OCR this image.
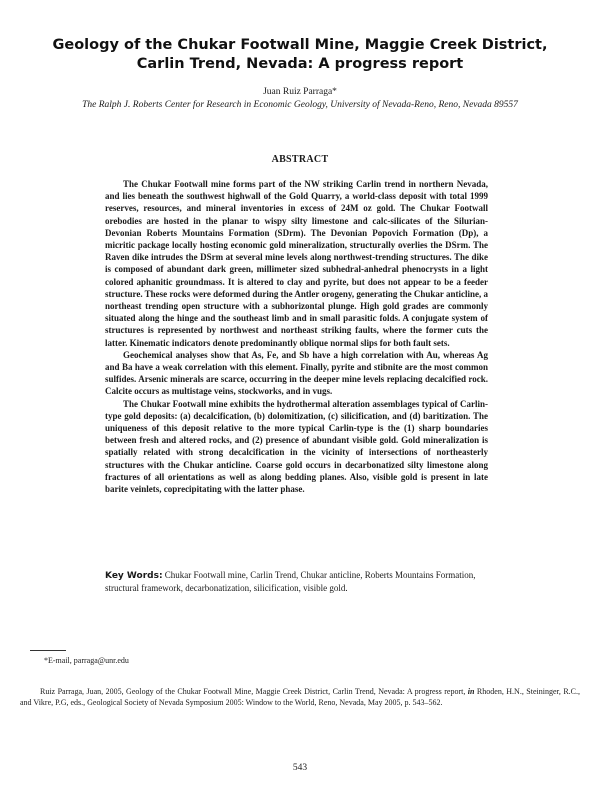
Geology of the Chukar Footwall Mine, Maggie Creek District,
Carlin Trend, Nevada: A progress report
Juan Ruiz Parraga*
The Ralph J. Roberts Center for Research in Economic Geology, University of Nevada-Reno, Reno, Nevada 89557
ABSTRACT

The Chukar Footwall mine forms part of the NW striking Carlin trend in northern Nevada, and lies beneath the southwest highwall of the Gold Quarry, a world-class deposit with total 1999 reserves, resources, and mineral inventories in excess of 24M oz gold. The Chukar Footwall orebodies are hosted in the planar to wispy silty limestone and calc-silicates of the Silurian-Devonian Roberts Mountains Formation (SDrm). The Devonian Popovich Formation (Dp), a micritic package locally hosting economic gold mineralization, structurally overlies the DSrm. The Raven dike intrudes the DSrm at several mine levels along northwest-trending structures. The dike is composed of abundant dark green, millimeter sized subhedral-anhedral phenocrysts in a light colored aphanitic groundmass. It is altered to clay and pyrite, but does not appear to be a feeder structure. These rocks were deformed during the Antler orogeny, generating the Chukar anticline, a northeast trending open structure with a subhorizontal plunge. High gold grades are commonly situated along the hinge and the southeast limb and in small parasitic folds. A conjugate system of structures is represented by northwest and northeast striking faults, where the former cuts the latter. Kinematic indicators denote predominantly oblique normal slips for both fault sets.

Geochemical analyses show that As, Fe, and Sb have a high correlation with Au, whereas Ag and Ba have a weak correlation with this element. Finally, pyrite and stibnite are the most common sulfides. Arsenic minerals are scarce, occurring in the deeper mine levels replacing decalcified rock. Calcite occurs as multistage veins, stockworks, and in vugs.

The Chukar Footwall mine exhibits the hydrothermal alteration assemblages typical of Carlin-type gold deposits: (a) decalcification, (b) dolomitization, (c) silicification, and (d) baritization. The uniqueness of this deposit relative to the more typical Carlin-type is the (1) sharp boundaries between fresh and altered rocks, and (2) presence of abundant visible gold. Gold mineralization is spatially related with strong decalcification in the vicinity of intersections of northeasterly structures with the Chukar anticline. Coarse gold occurs in decarbonatized silty limestone along fractures of all orientations as well as along bedding planes. Also, visible gold is present in late barite veinlets, coprecipitating with the latter phase.

Key Words: Chukar Footwall mine, Carlin Trend, Chukar anticline, Roberts Mountains Formation, structural framework, decarbonatization, silicification, visible gold.
*E-mail, parraga@unr.edu
Ruiz Parraga, Juan, 2005, Geology of the Chukar Footwall Mine, Maggie Creek District, Carlin Trend, Nevada: A progress report, in Rhoden, H.N., Steininger, R.C., and Vikre, P.G, eds., Geological Society of Nevada Symposium 2005: Window to the World, Reno, Nevada, May 2005, p. 543–562.
543
